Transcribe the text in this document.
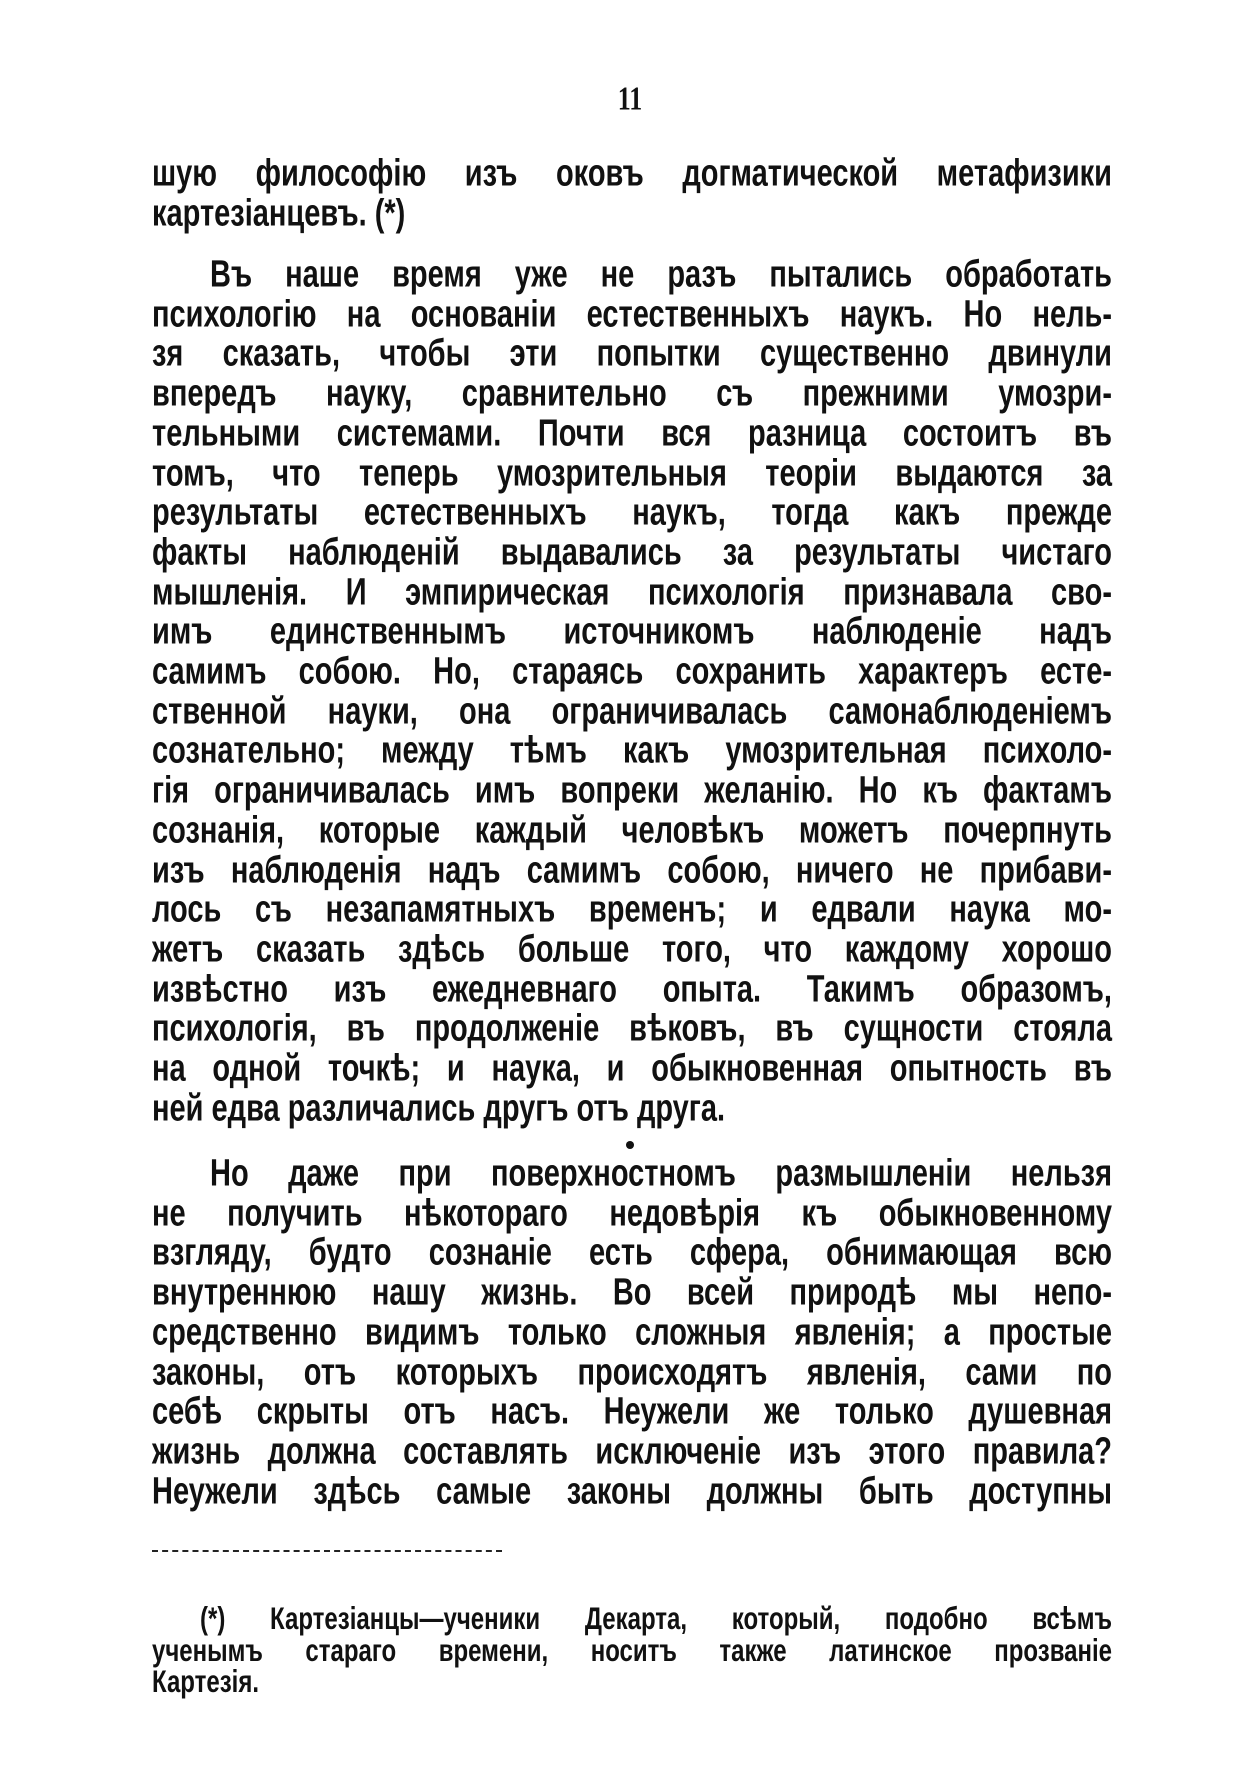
11
шую философію изъ оковъ догматической метафизики
картезіанцевъ. (*)
Въ наше время уже не разъ пытались обработать
психологію на основаніи естественныхъ наукъ. Но нель-
зя сказать, чтобы эти попытки существенно двинули
впередъ науку, сравнительно съ прежними умозри-
тельными системами. Почти вся разница состоитъ въ
томъ, что теперь умозрительныя теоріи выдаются за
результаты естественныхъ наукъ, тогда какъ прежде
факты наблюденій выдавались за результаты чистаго
мышленія. И эмпирическая психологія признавала сво-
имъ единственнымъ источникомъ наблюденіе надъ
самимъ собою. Но, стараясь сохранить характеръ есте-
ственной науки, она ограничивалась самонаблюденіемъ
сознательно; между тѣмъ какъ умозрительная психоло-
гія ограничивалась имъ вопреки желанію. Но къ фактамъ
сознанія, которые каждый человѣкъ можетъ почерпнуть
изъ наблюденія надъ самимъ собою, ничего не прибави-
лось съ незапамятныхъ временъ; и едвали наука мо-
жетъ сказать здѣсь больше того, что каждому хорошо
извѣстно изъ ежедневнаго опыта. Такимъ образомъ,
психологія, въ продолженіе вѣковъ, въ сущности стояла
на одной точкѣ; и наука, и обыкновенная опытность въ
ней едва различались другъ отъ друга.
Но даже при поверхностномъ размышленіи нельзя
не получить нѣкотораго недовѣрія къ обыкновенному
взгляду, будто сознаніе есть сфера, обнимающая всю
внутреннюю нашу жизнь. Во всей природѣ мы непо-
средственно видимъ только сложныя явленія; а простые
законы, отъ которыхъ происходятъ явленія, сами по
себѣ скрыты отъ насъ. Неужели же только душевная
жизнь должна составлять исключеніе изъ этого правила?
Неужели здѣсь самые законы должны быть доступны
(*) Картезіанцы—ученики Декарта, который, подобно всѣмъ
ученымъ стараго времени, носитъ также латинское прозваніе
Картезія.
